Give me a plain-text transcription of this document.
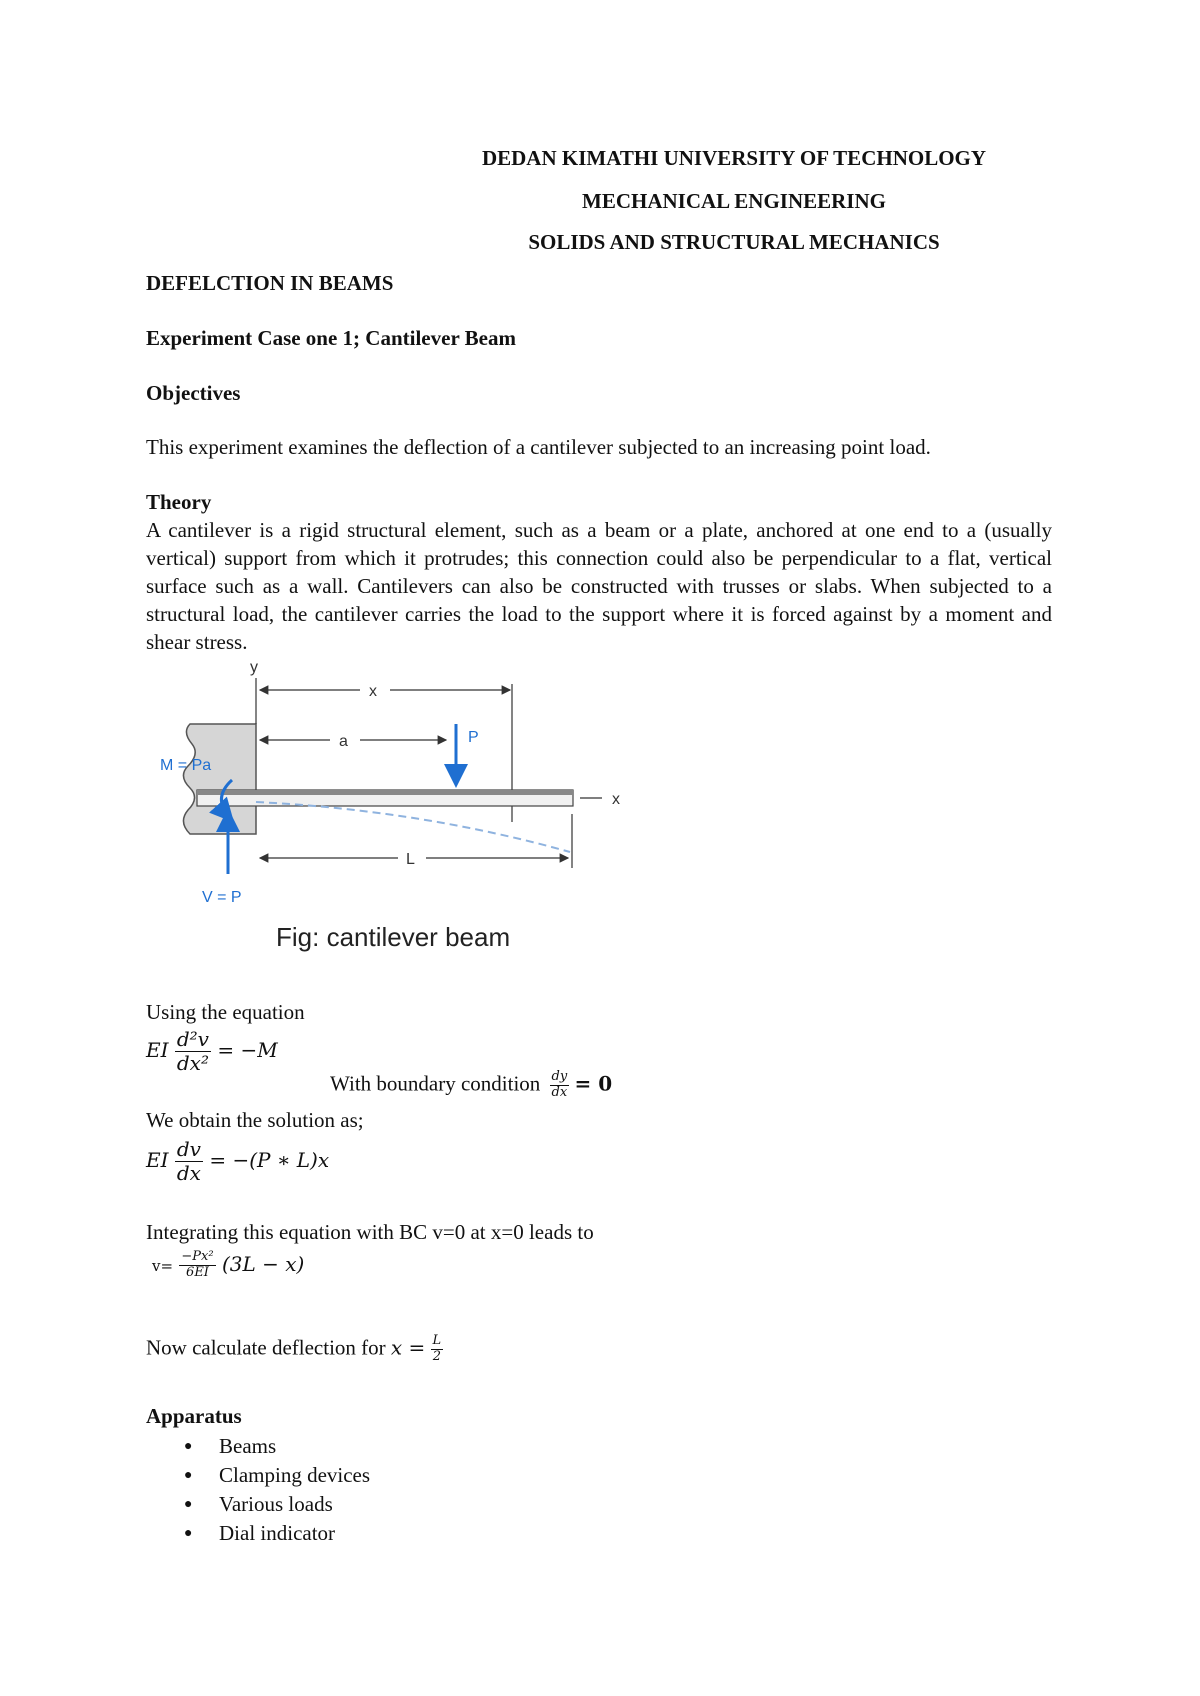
DEDAN KIMATHI UNIVERSITY OF TECHNOLOGY
MECHANICAL ENGINEERING
SOLIDS AND STRUCTURAL MECHANICS
DEFELCTION IN BEAMS
Experiment Case one 1; Cantilever Beam
Objectives
This experiment examines the deflection of a cantilever subjected to an increasing point load.
Theory
A cantilever is a rigid structural element, such as a beam or a plate, anchored at one end to a (usually vertical) support from which it protrudes; this connection could also be perpendicular to a flat, vertical surface such as a wall. Cantilevers can also be constructed with trusses or slabs. When subjected to a structural load, the cantilever carries the load to the support where it is forced against by a moment and shear stress.
y
x
a	P
M = Pa
V = P
x
L
Fig: cantilever beam
Using the equation
EI $\frac{\text{d²v}}{\text{dx²}} = -M$
With boundary condition $\frac{dy}{dx} = 0$
We obtain the solution as;
EI $\frac{dv}{dx} = -(P$ ∗ L)x
Integrating this equation with BC v=0 at x=0 leads to
$v= \frac{\text{−Px²}}{6EI} (3L - x)$
Now calculate deflection for $x = \frac{L}{2}$
Apparatus
● Beams
● Clamping devices
● Various loads
● Dial indicator
